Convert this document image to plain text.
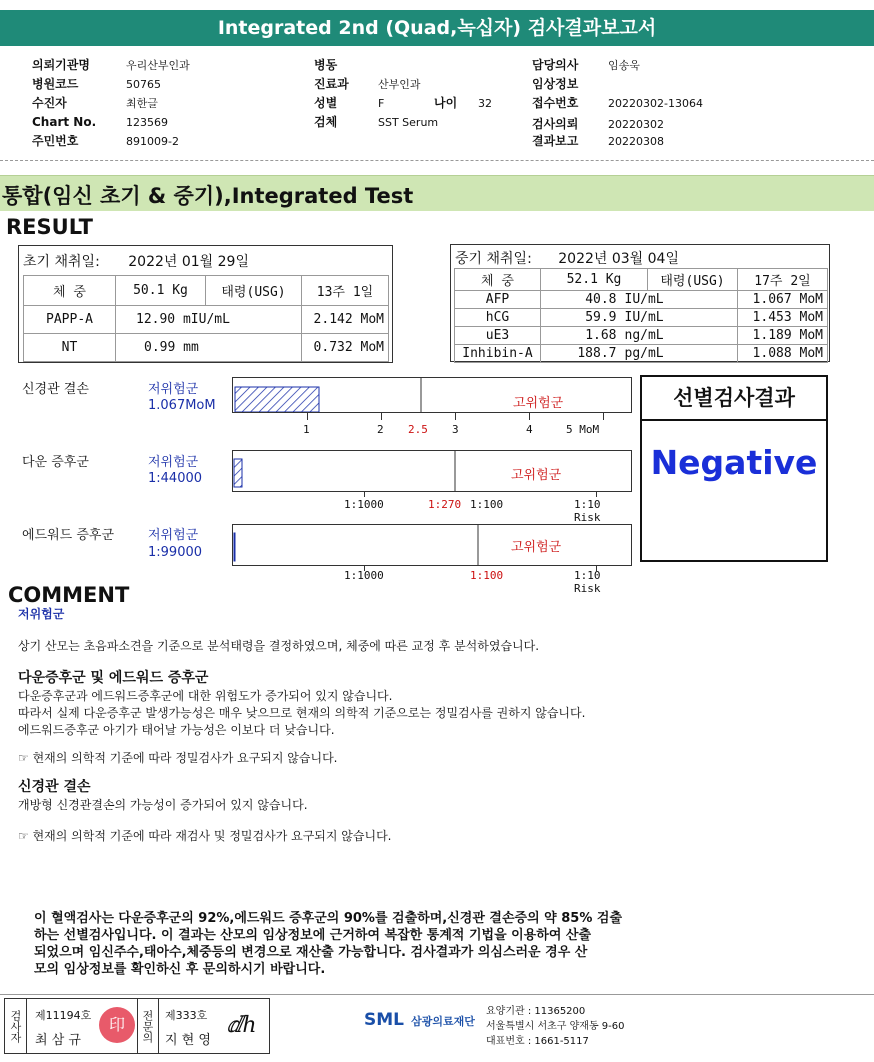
Integrated 2nd (Quad,녹십자) 검사결과보고서
의뢰기관명	우리산부인과
병원코드	50765
수진자	최한글
Chart No.	123569
주민번호	891009-2
병동
진료과	산부인과
성별	F	나이 32
검체	SST Serum
담당의사	임송욱
임상정보
접수번호	20220302-13064
검사의뢰	20220302
결과보고	20220308
통합(임신 초기 & 중기),Integrated Test
RESULT
초기 채취일: 2022년 01월 29일
체 중	50.1 Kg	태령(USG)	13주 1일
PAPP-A	12.90 mIU/mL		2.142 MoM
NT	0.99 mm		0.732 MoM
중기 채취일: 2022년 03월 04일
체 중	52.1 Kg		태령(USG)	17주 2일
AFP	40.8	IU/mL		1.067 MoM
hCG	59.9	IU/mL		1.453 MoM
uE3	1.68	ng/mL		1.189 MoM
Inhibin-A	188.7	pg/mL		1.088 MoM
신경관 결손	저위험군
1.067MoM	고위험군
1	2 2.5 3	4	5 MoM
다운 증후군	저위험군
1:44000	고위험군
1:1000	1:270 1:100	1:10 Risk
에드워드 증후군	저위험군
1:99000	고위험군
1:1000	1:100	1:10 Risk
선별검사결과
Negative
COMMENT

저위험군

상기 산모는 초음파소견을 기준으로 분석태령을 결정하였으며, 체중에 따른 교정 후 분석하였습니다.

다운증후군 및 에드워드 증후군

다운증후군과 에드워드증후군에 대한 위험도가 증가되어 있지 않습니다.

따라서 실제 다운증후군 발생가능성은 매우 낮으므로 현재의 의학적 기준으로는 정밀검사를 권하지 않습니다.

에드워드증후군 아기가 태어날 가능성은 이보다 더 낮습니다.

☞ 현재의 의학적 기준에 따라 정밀검사가 요구되지 않습니다.

신경관 결손

개방형 신경관결손의 가능성이 증가되어 있지 않습니다.

☞ 현재의 의학적 기준에 따라 재검사 및 정밀검사가 요구되지 않습니다.

이 혈액검사는 다운증후군의 92%,에드워드 증후군의 90%를 검출하며,신경관 결손증의 약 85% 검출
하는 선별검사입니다. 이 결과는 산모의 임상정보에 근거하여 복잡한 통계적 기법을 이용하여 산출
되었으며 임신주수,태아수,체중등의 변경으로 재산출 가능합니다. 검사결과가 의심스러운 경우 산
모의 임상정보를 확인하신 후 문의하시기 바랍니다.
검사자	제11194호
최 삼 규
印	전문의	제333호
지 현 영
ⅆh	SML 삼광의료재단
요양기관 : 11365200
서울특별시 서초구 양재동 9-60
대표번호 : 1661-5117
